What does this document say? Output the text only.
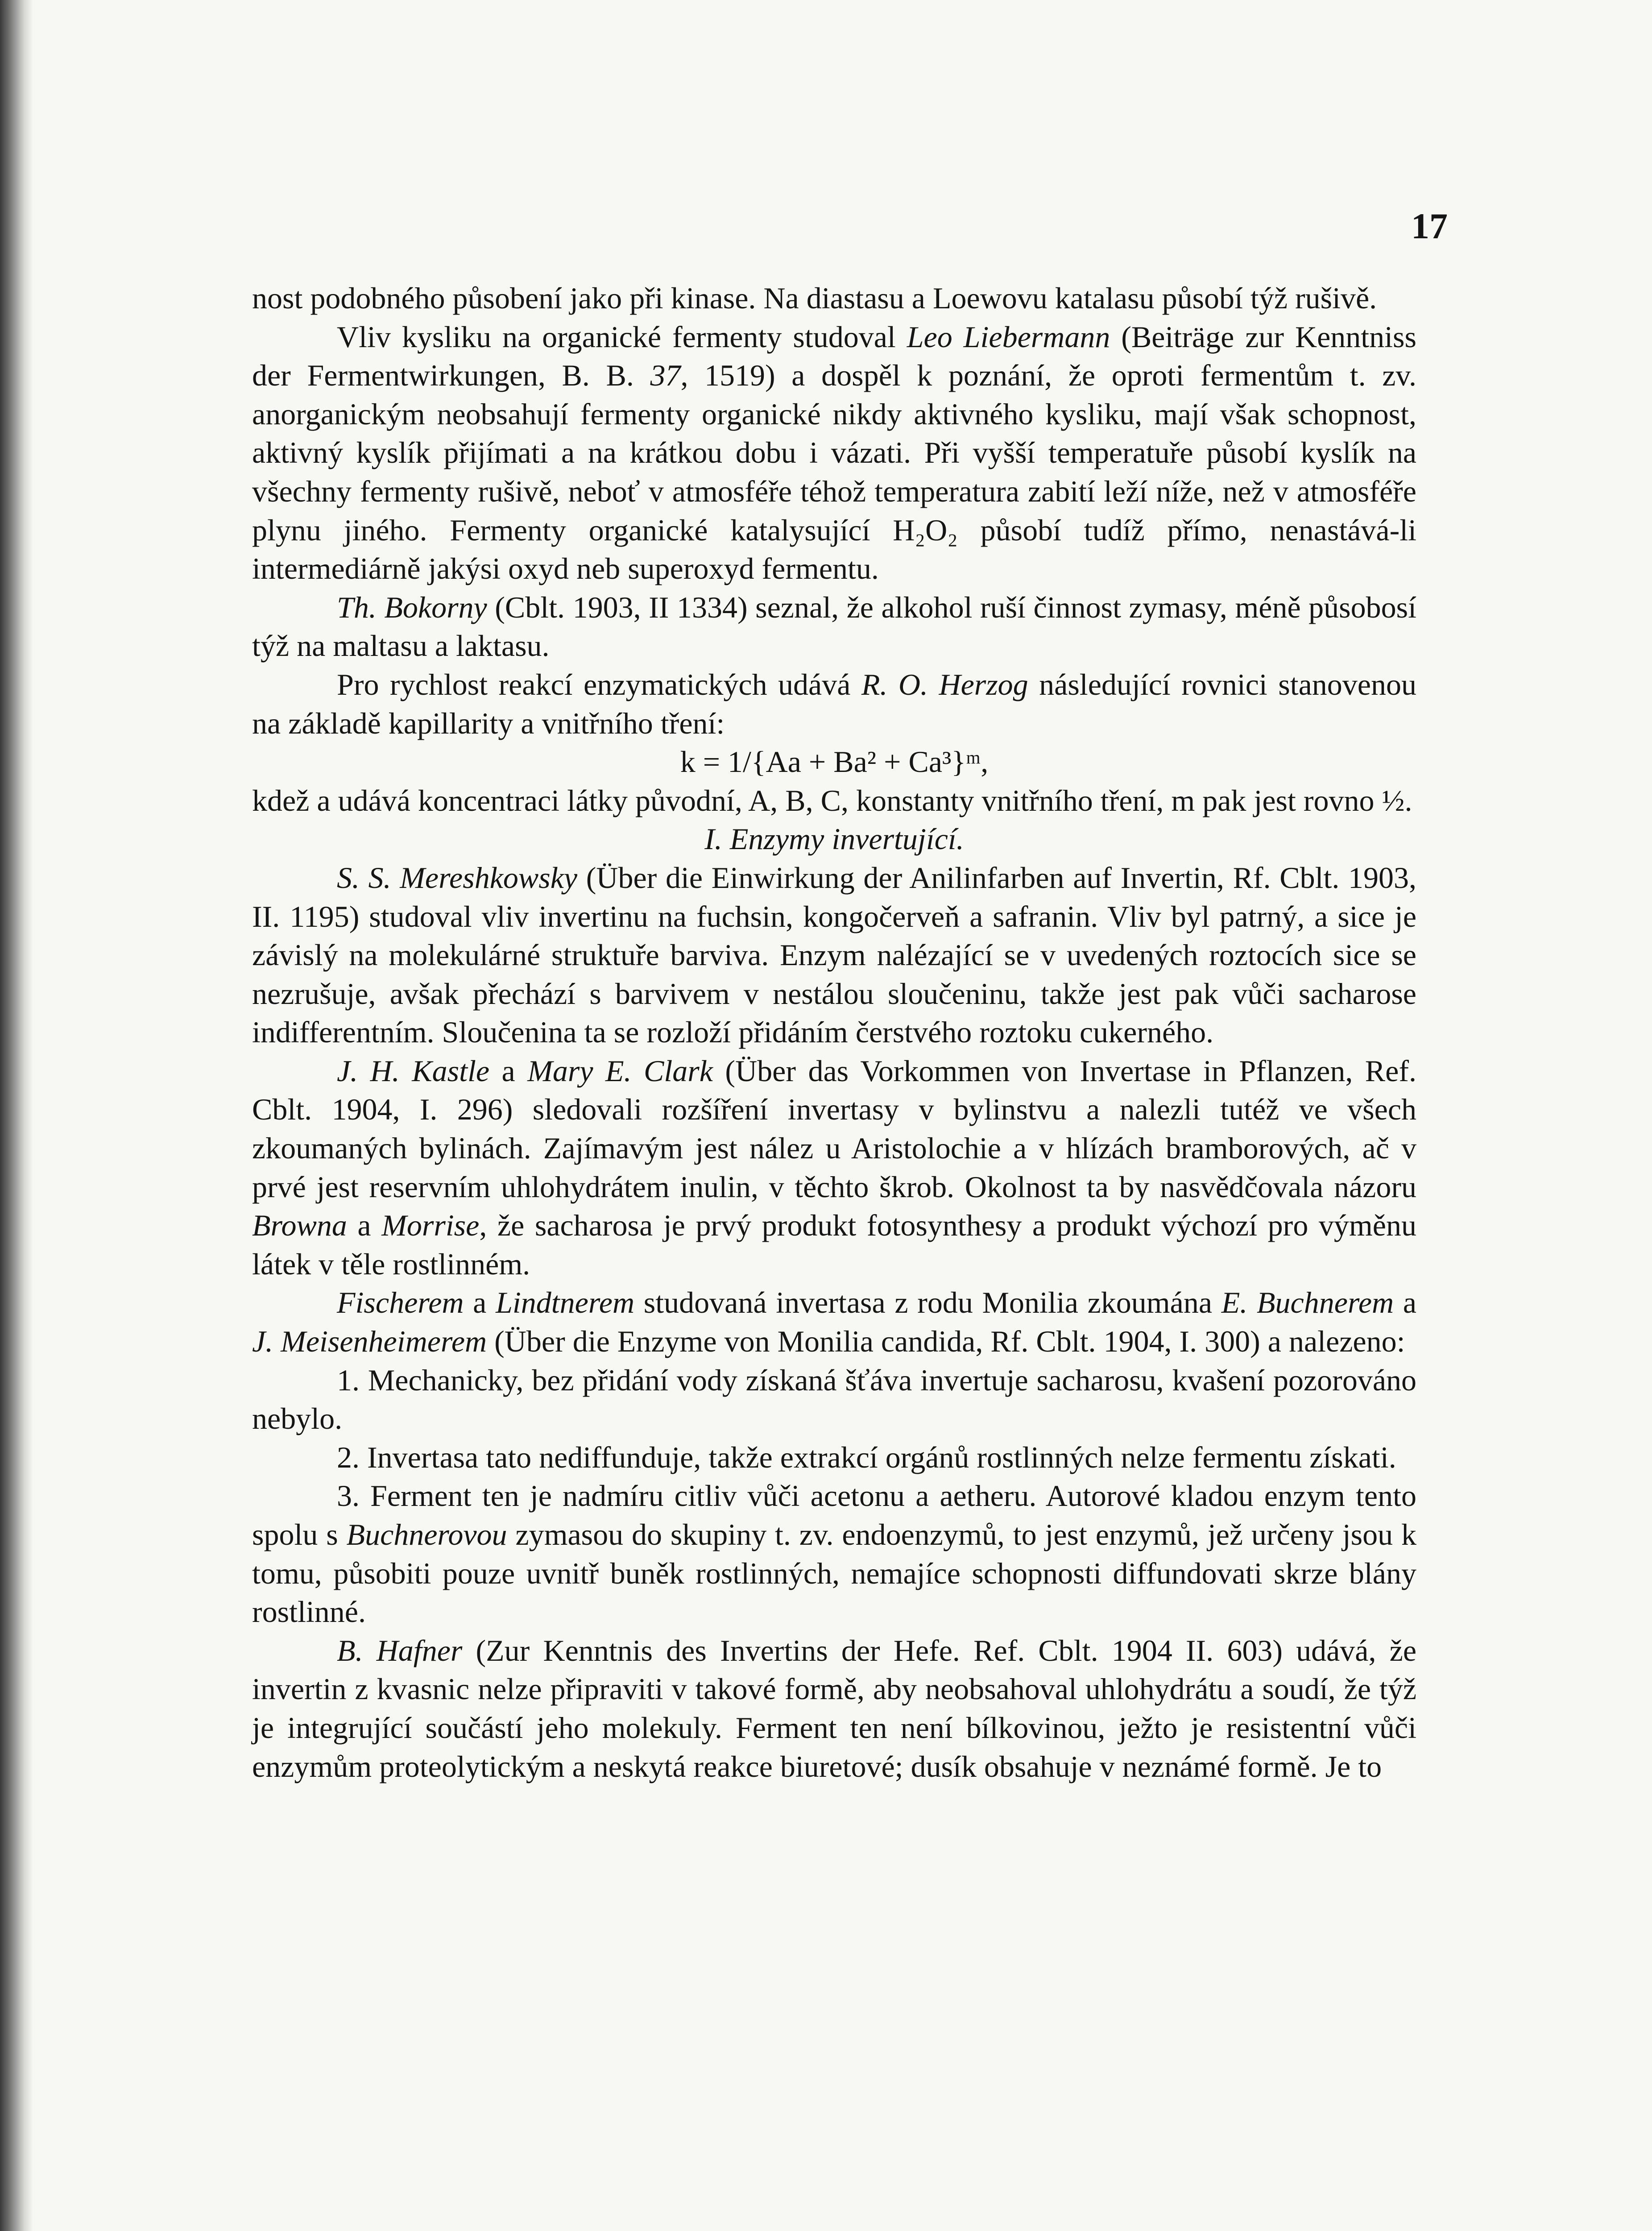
17

nost podobného působení jako při kinase. Na diastasu a Loewovu katalasu působí týž rušivě.

Vliv kysliku na organické fermenty studoval Leo Liebermann (Beiträge zur Kenntniss der Fermentwirkungen, B. B. 37, 1519) a dospěl k poznání, že oproti fermentům t. zv. anorganickým neobsahují fermenty organické nikdy aktivného kysliku, mají však schopnost, aktivný kyslík přijímati a na krátkou dobu i vázati. Při vyšší temperatuře působí kyslík na všechny fermenty rušivě, neboť v atmosféře téhož temperatura zabití leží níže, než v atmosféře plynu jiného. Fermenty organické katalysující H₂O₂ působí tudíž přímo, nenastává-li intermediárně jakýsi oxyd neb superoxyd fermentu.

Th. Bokorny (Cblt. 1903, II 1334) seznal, že alkohol ruší činnost zymasy, méně působosí týž na maltasu a laktasu.

Pro rychlost reakcí enzymatických udává R. O. Herzog následující rovnici stanovenou na základě kapillarity a vnitřního tření:

k = 1/{Aa + Ba² + Ca³}ᵐ,

kdež a udává koncentraci látky původní, A, B, C, konstanty vnitřního tření, m pak jest rovno ½.

I. Enzymy invertující.

S. S. Mereshkowsky (Über die Einwirkung der Anilinfarben auf Invertin, Rf. Cblt. 1903, II. 1195) studoval vliv invertinu na fuchsin, kongočerveň a safranin. Vliv byl patrný, a sice je závislý na molekulárné struktuře barviva. Enzym nalézající se v uvedených roztocích sice se nezrušuje, avšak přechází s barvivem v nestálou sloučeninu, takže jest pak vůči sacharose indifferentním. Sloučenina ta se rozloží přidáním čerstvého roztoku cukerného.

J. H. Kastle a Mary E. Clark (Über das Vorkommen von Invertase in Pflanzen, Ref. Cblt. 1904, I. 296) sledovali rozšíření invertasy v bylinstvu a nalezli tutéž ve všech zkoumaných bylinách. Zajímavým jest nález u Aristolochie a v hlízách bramborových, ač v prvé jest reservním uhlohydrátem inulin, v těchto škrob. Okolnost ta by nasvědčovala názoru Browna a Morrise, že sacharosa je prvý produkt fotosynthesy a produkt výchozí pro výměnu látek v těle rostlinném.

Fischerem a Lindtnerem studovaná invertasa z rodu Monilia zkoumána E. Buchnerem a J. Meisenheimerem (Über die Enzyme von Monilia candida, Rf. Cblt. 1904, I. 300) a nalezeno:

1. Mechanicky, bez přidání vody získaná šťáva invertuje sacharosu, kvašení pozorováno nebylo.

2. Invertasa tato nediffunduje, takže extrakcí orgánů rostlinných nelze fermentu získati.

3. Ferment ten je nadmíru citliv vůči acetonu a aetheru. Autorové kladou enzym tento spolu s Buchnerovou zymasou do skupiny t. zv. endoenzymů, to jest enzymů, jež určeny jsou k tomu, působiti pouze uvnitř buněk rostlinných, nemajíce schopnosti diffundovati skrze blány rostlinné.

B. Hafner (Zur Kenntnis des Invertins der Hefe. Ref. Cblt. 1904 II. 603) udává, že invertin z kvasnic nelze připraviti v takové formě, aby neobsahoval uhlohydrátu a soudí, že týž je integrující součástí jeho molekuly. Ferment ten není bílkovinou, ježto je resistentní vůči enzymům proteolytickým a neskytá reakce biuretové; dusík obsahuje v neznámé formě. Je to
